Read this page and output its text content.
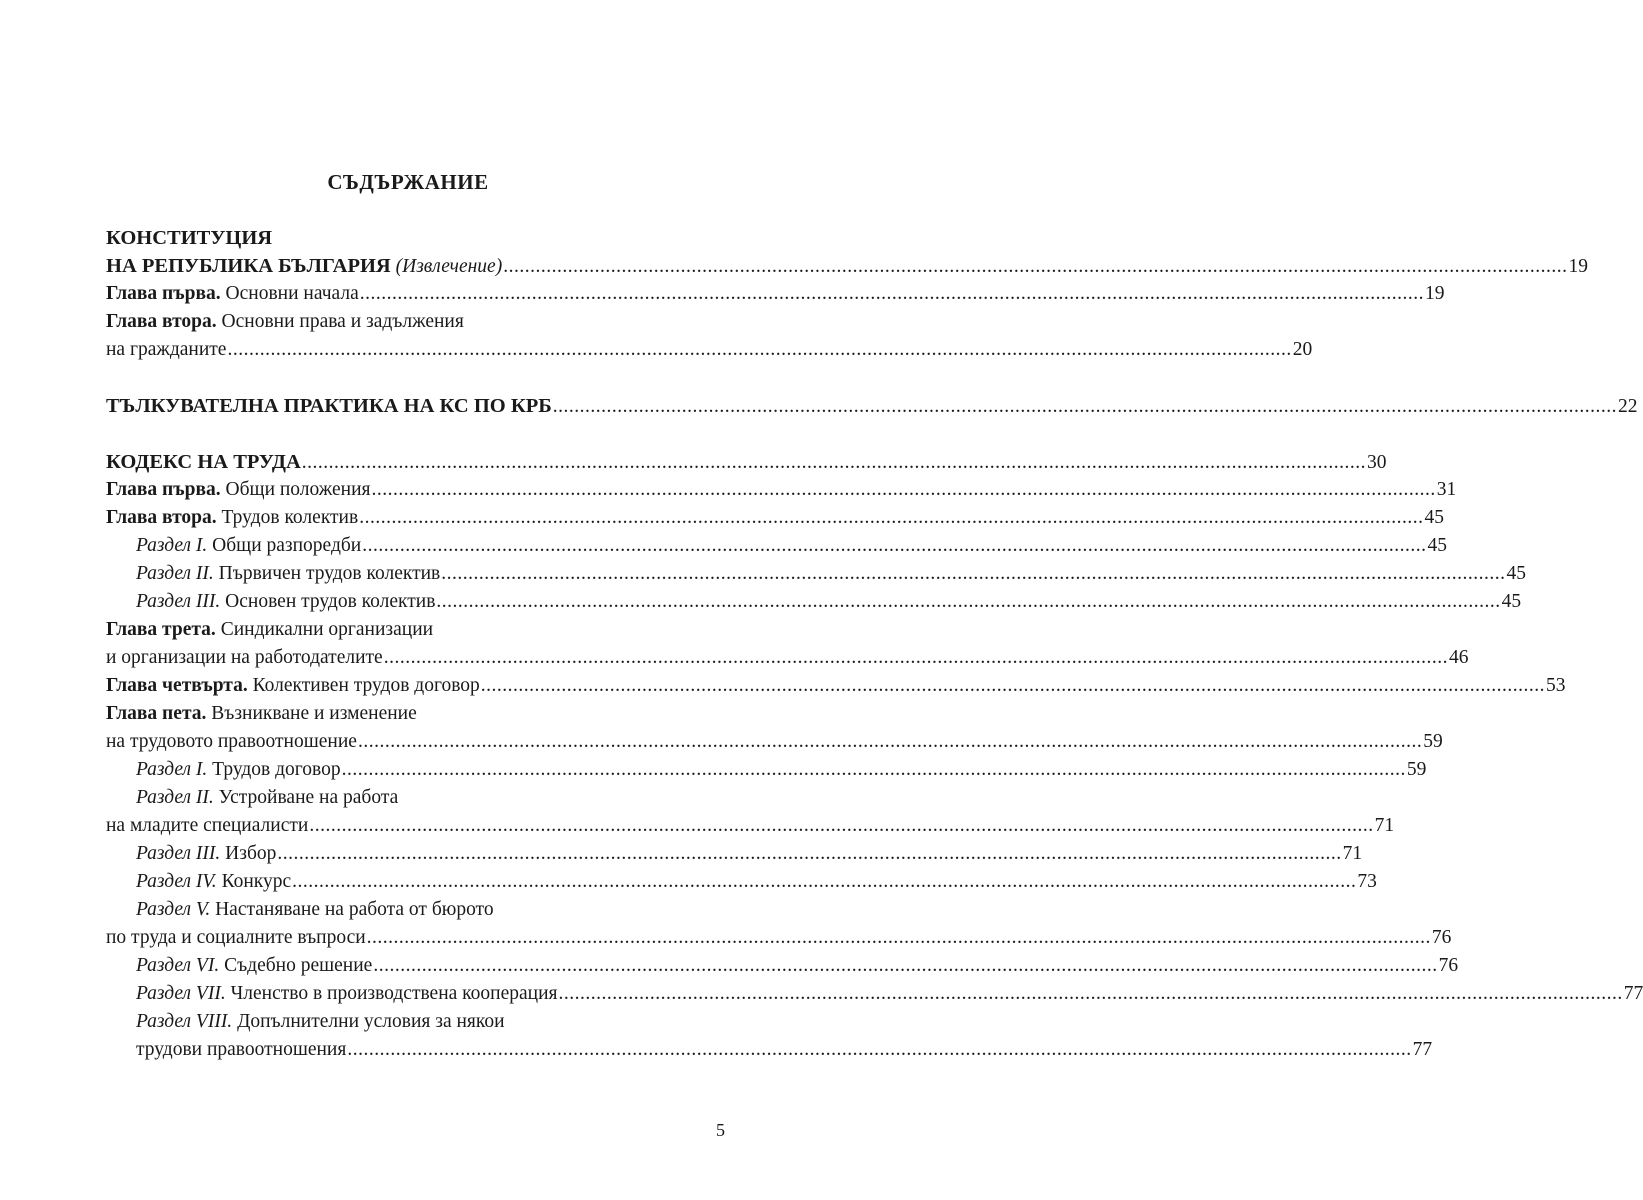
СЪДЪРЖАНИЕ
КОНСТИТУЦИЯ
НА РЕПУБЛИКА БЪЛГАРИЯ (Извлечение) ...................................................................................................................................................................................................... 19
Глава първа. Основни начала ...................................................................................................................................................................................................... 19
Глава втора. Основни права и задължения
на гражданите ...................................................................................................................................................................................................... 20
ТЪЛКУВАТЕЛНА ПРАКТИКА НА КС ПО КРБ ...................................................................................................................................................................................................... 22
КОДЕКС НА ТРУДА ...................................................................................................................................................................................................... 30
Глава първа. Общи положения ...................................................................................................................................................................................................... 31
Глава втора. Трудов колектив ...................................................................................................................................................................................................... 45
Раздел I. Общи разпоредби ...................................................................................................................................................................................................... 45
Раздел II. Първичен трудов колектив ...................................................................................................................................................................................................... 45
Раздел III. Основен трудов колектив ...................................................................................................................................................................................................... 45
Глава трета. Синдикални организации
и организации на работодателите ...................................................................................................................................................................................................... 46
Глава четвърта. Колективен трудов договор ...................................................................................................................................................................................................... 53
Глава пета. Възникване и изменение
на трудовото правоотношение ...................................................................................................................................................................................................... 59
Раздел I. Трудов договор ...................................................................................................................................................................................................... 59
Раздел II. Устройване на работа
на младите специалисти ...................................................................................................................................................................................................... 71
Раздел III. Избор ...................................................................................................................................................................................................... 71
Раздел IV. Конкурс ...................................................................................................................................................................................................... 73
Раздел V. Настаняване на работа от бюрото
по труда и социалните въпроси ...................................................................................................................................................................................................... 76
Раздел VI. Съдебно решение ...................................................................................................................................................................................................... 76
Раздел VII. Членство в производствена кооперация ...................................................................................................................................................................................................... 77
Раздел VIII. Допълнителни условия за някои
трудови правоотношения ...................................................................................................................................................................................................... 77
5
